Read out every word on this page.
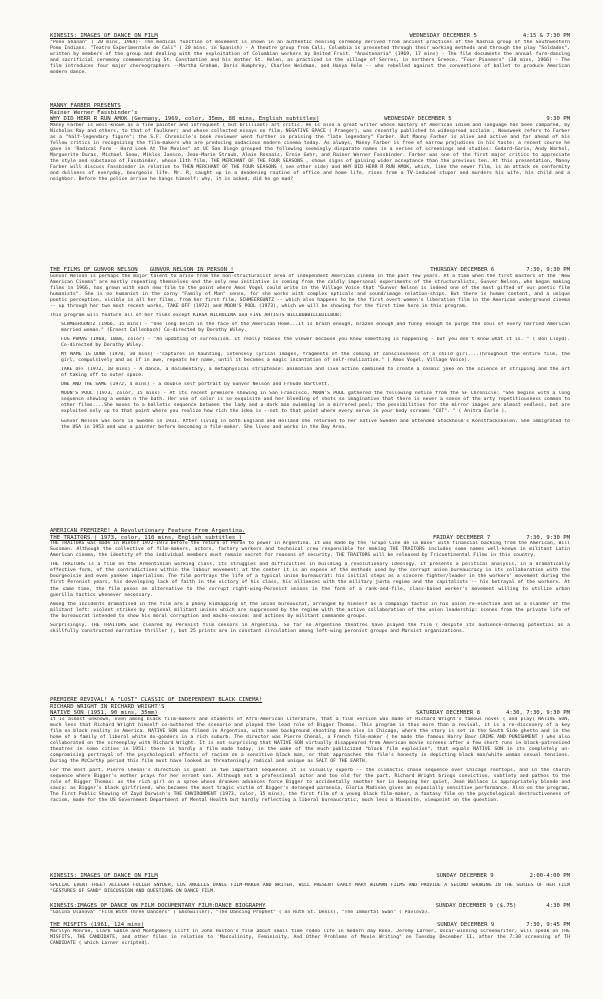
KINESIS: IMAGES OF DANCE ON FILM	WEDNESDAY DECEMBER 5	4:15 & 7:30 PM

"Pono Shanan" ( 20 mins, 1964)- The medical function of movement is shown in an authentic healing ceremony derived from ancient practices of the Kashia group of the Southwestern Pomo Indians. "Teatro Experimentale de Cali" ( 20 mins, in Spanish) - A theatre group from Cali, Columbia is presented through their working methods and through the play "Soldados", written by members of the group and dealing with the exploitation of Columbian workers by United Fruit. "Anastenaria" (1969, 17 mins) - The film documents the annual fure-dancing and sacrificial ceremony commemorating St. Constantine and his mother St. Helen, as practiced in the village of Serres, in northern Greece. "Four Pioneers" (30 mins, 1966) - The film introduces four major choreographers --Martha Graham, Doris Humphrey, Charles Weidman, and Hanya Holm -- who rebelled against the conventions of ballet to produce American modern dance.

MANNY FARBER PRESENTS
Rainer Werner Fassbinder's
WHY DID HERR R RUN AMOK (Germany, 1969, color, 35mm, 88 mins, English subtitles)	WEDNESDAY DECEMBER 5	9:30 PM

Manny Farber is well-known as a fine painter and infrequent ( but brilliant) art critic. He is also a great writer whose mastery of American idiom and language has been compared, by Nicholas Ray and others, to that of Faulkner; and whose collected essays on film, NEGATIVE SPACE ( Praeger), was recently published to widespread acclaim , Newsweek refers to Farber as a "half-legendary figure"; the S.F. Chronicle's book reviewer went further in praising the "late legendary" Farber. But Manny Farber is alive and active and far ahead of his fellow critics in recognizing the film-makers who are producing audacious modern cinema today. As always, Manny Farber is free of narrow prejudices in his taste: a recent course he gave in 'Radical Form - Hard Look At The Movies" at UC San Diego grouped the following seemingly disparate names in a series of screenings and studies: Godard-Gorin, Andy Warhol, Marguerite Duras, Michael Snow, Miklos Jansco, Jean-Marie Straub, Alain Resnais, Ernie Gehr, and Rainer Werner Fassbinder. Farber was one of the first major critics to appreciate the style and substance of Fassbinder, whose 11th film, THE MERCHANT OF THE FOUR SEASONS , shows signs of gaining wider acceptance than the previous ten. At this presentation, Manny Farber will discuss Fassbinder in relation to THEN MERCHANT OF THE FOUR SEASONS ( see other side) and WHY DID HERR R RUN AMOK, which, like the newer film, is an attack on conformity and dullness of everyday, bourgeois life. Mr. R, caught up in a deadening routine of office and home life, rises from a TV-induced stupor and murders his wife, his child and a neighbor. Before the police arrive he hangs himself: why, it is asked, did he go mad?

THE FILMS OF GUNVOR NELSON GUNVOR NELSON IN PERSON !	THURSDAY DECEMBER 6	7:30, 9:30 PM

Gunvor Nelson is perhaps the major talent to arise from the non-structuralist area of independent American cinema in the past few years. At a time when the first masters of the 'New American Cinema" are mostly repeating themselves and the only new initiative is coming from the coldly impersonal experiments of the structuralists, Gunvor Nelson, who began making films in 1966, has grown with each new film to the point where Amos Vogel could write in the Village Voice that "Gunvor Nelson is indeed one of the most gifted of our poetic film humanists". She is no humanist in the corny "Family of Man" sense, for she works with complex opticals and sound/image relation-ships. But there is human content, and a unique poetic perception, visible in all her films, from her first film, SCHMEERGUNTZ -- which also happens to be the first overt women's liberation film in the American underground cinema -- up through her two most recent works, TAKE OFF (1972) and MOON'S POOL (1973), which we will be showing for the first time here in this program.

This program will feature all of her films except KIRSA NICHOLINA and FIVE ARTISTS BILLBOBBILLBILLBOB:

SCHMEERGUNTZ (1966, 15 mins) - "One long belch in the face of the American Home...It is brash enough, brazen enough and funny enough to purge the soul of every harried American married woman." (Ernest Callenbach) Co-directed by Dorothy Wiley.

FOG PUMAS (1968, 18mm, color) - "An updating of surrealism. It really teases the viewer because you know something is happening - but you don't know what it is. " ( Don Lloyd). Co-directed by Dorothy Wiley.

MY NAME IS OONA (1970, 10 mins) -"captures in haunting, intensely lyrical images, fragments of the coming of consciousness of a child girl....Throughout the entire film, the girl, compulsively and as if in awe, repeats her name, until it becomes a magic incantation of self-realization." ( Amos Vogel, Village Voice).

TAKE OFF (1972, 10 mins) - A dance, a documentary, a metaphysical striptease: animation and live action combined to create a cosmic joke on the science of stripping and the art of taking off to outer space.

ONE AND THE SAME (1972, 4 mins) - a double self portrait by Gunvor Nelson and Freude Bartlett.

MOON'S POOL (1973, color, 15 mins) - At its recent premiere showing in San Francisco, MOON'S POOL gathered the following notice from the SF Chronicle: "She begins with a long sequence showing a woman n the bath. Her use of color is so exquisite and her blending of shots so imaginative that there is never a sense of the arty repetitiousness common to other films....She moves to a balletic sequence between the lady and a dark man swimming in a mirrored pool; the possibilities for the mirror images are almost endless, but are exploited only up to that point where you realize how rich the idea is --not to that point where every nerve in your body screams "CUT". " ( Anitra Earle ).

Gunvor Nelson was born in Sweden in 1931. After living in both England and Holland she returned to her native Sweden and attended Stockholm's Konstfackskolen. She immigrated to the USA in 1953 and was a painter before becoming a film-maker. She lives and works in the Bay Area.

AMERICAN PREMIERE! A Revolutionary Feature From Argentina.
THE TRAITORS ( 1973, color, 110 mins, English subtitles )	FRIDAY DECEMBER 7	7:30, 9:30 PM

THE TRAITORS was made in Winter 1972-1973 before the return of Peron to power in Argentina. It was made by the 'Grupo Cine de la Base" with financial backing from the American, Bill Sussman. Although the collective of film-makers, actors, factory workers and technical crew responsible for making THE TRAITORS includes some names well-known in militant Latin American cinema, the identity of the individual members must remain secret for reasons of security. THE TRAITORS will be released by Tricontinental Films in this country.

THE TRAITORS is a film on the Armentinian working class, its struggles and difficulties in building a revolutionary ideology. It presents a political analysis, in a dramatically effective form, of the contradictions within the labour movement: at the center it is an expose of the methods used by the corrupt union bureaucracy in its collaboration with the bourgeoisie and even yankee imperialism. The film portrays the life of a typical union bureaucrat: his initial steps as a sincere fighter/leader in the workers' movement during the first Peronist years, his developing lack of faith in the victory of his class, his alliances with the military junta regime and the capitalists -- his betrayal of the workers. At the same time, the film poses an alternative to the corrupt right-wing-Peronist unions in the form of a rank-and-file, class-based worker's movement willing to utilize urban guerilla tactics whenever necessary.

Among the incidents dramatised in the film are a phony kidnapping of the union bureaucrat, arranged by himself as a campaign tactic in his union re-election and as a slander of the militant left: violent strikes by regional militant unions which are suppressed by the regime with the active collaboration of the union leadership: scenes from the private life of the bureaucrat intended to show his moral corruption and macho-sexism: and actions by militant commando groups.

Surprisingly, THE TRAITORS was cleared by Peronist film censors in Argentina. So far no Argentine theatres have played the film ( despite its audience-drawing potential as a skillfully constructed narrative thriller ), but 25 prints are in constant circulation among left-wing peronist groups and Marxist organizations.

PREMIERE REVIVAL! A "LOST" CLASSIC OF INDEPENDENT BLACK CINEMA!
RICHARD WRIGHT IN RICHARD WRIGHT'S
NATIVE SON (1951, 90 mins, 35mm)	SATURDAY DECEMBER 8	4:30, 7:30, 9:30 PM

It is almost unknown, even among black film-makers and students of Afro-American literature, that a film version was made of Richard Wright's famous novel ( and play) NATIVE SON, much less that Richard Wright himself co-authored the scenario and played the lead role of Bigger Thomas. This program is thus more than a revival, it is a re-discovery of a key film on black reality in America. NATIVE SON was filmed in Argentina, with some background shooting done also in Chicago, where the story is set in the South Side ghetto and in the home of a family of liberal white do-gooders in a rich suburb. The director was Pierre Chenal, a French film-maker ( he made the famous Harry Baur CRIME AND PUNISHMENT ) who also collaborated on the screenplay with Richard Wright. It is not surprising that NATIVE SON virtually disappeared from American movie screens after a few short runs in black-patronized theatres in some cities in 1951: there is hardly a film made today, in the wake of the much publicized "black film explosion", that equals NATIVE SON in its completely un-compromising portrayal of the psychological effects of racism on a sensitive black man, or that approaches the film's honesty in depicting black man/white woman sexual tensions. During the McCarthy period this film must have looked as threateningly radical and unique as SALT OF THE EARTH.

For the most part, Pierre Chenal's direction is good: in two important sequences it is visually superb -- the climactic chase sequence over Chicago rooftops, and in the church sequence where Bigger's mother prays for her errant son. Although not a professional actor and too old for the part, Richard Wright brings conviction, subtlety and pathos to the role of Bigger Thomas: as the rich girl on a spree whose drunken advances force Bigger to accidentally smother her in keeping her quiet, Jean Wallace is appropriately blonde and saucy: as Bigger's black girlfriend, who becomes the most tragic victim of Bigger's deranged paranoia, Gloria Madison gives an especially sensitive performance. Also on the program, The First Public Showing of Zayd Darwish's THE ENVIRONMENT (1973, color, 15 mins), the first film of a young black film-maker, a fantasy film on the psychological destructiveness of racism, made for the US Government Department of Mental Health but hardly reflecting a liberal bureaucratic, much less a Nixonite, viewpoint on the question.

KINESIS: IMAGES OF DANCE ON FILM	SUNDAY DECEMBER 9	2:00-4:00 PM

SPECIAL EVENT FREE! ALLEGRA FULLER SNYDER, LOS ANGELES DANCE FILM-MAKER AND WRITER, WILL PRESENT EARLY MARY WIGMAN FILMS AND PROVIDE A SECOND SHOWING IN THE SERIES OF HER FILM "GESTURES OF SAND" DISCUSSION AND QUESTIONS ON DANCE FILM.

KINESIS:IMAGES OF DANCE ON FILM DOCUMENTARY FILM:DANCE BIOGRAPHY	SUNDAY DECEMBER 9 ($.75)	4:30 PM

"Galina Ulanova" "Film With Three Dancers" ( Emshwiller), "The Dancing Prophet" ( on Ruth St. Denis), "The Immortal Swan" ( Pavlova).

THE MISFITS (1961, 124 mins)	SUNDAY DECEMBER 9	7:30, 9:45 PM

Marilyn Monroe, Clark Gable and Montgomery Clift in John Huston's film about small time rodeo life in modern day Reno. Jeremy Larner, Oscar-winning screenwriter, will speak on THE MISFITS, THE CANDIDATE, and other films in relation to 'Masculinity, Femininity, And Other Problems of Movie Writing" on Tuesday December 11, after the 7:30 screening of TH CANDIDATE ( which Larner scripted).
